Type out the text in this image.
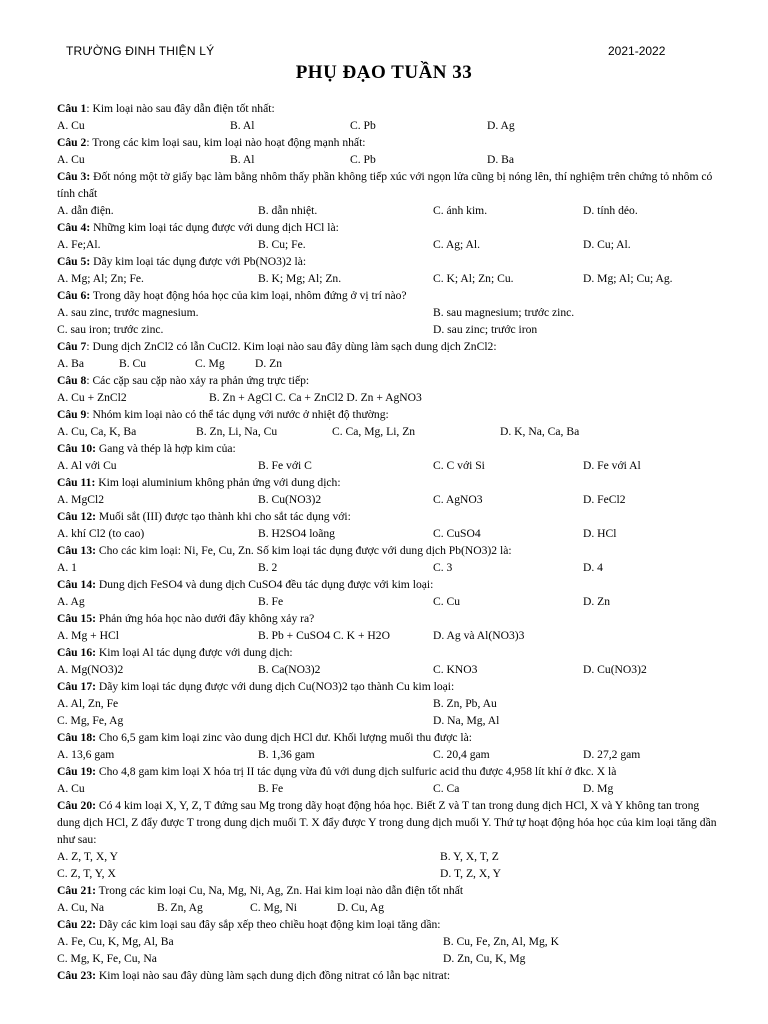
TRƯỜNG ĐINH THIỆN LÝ	2021-2022
PHỤ ĐẠO TUẦN 33
Câu 1: Kim loại nào sau đây dẫn điện tốt nhất:
A. Cu	B. Al	C. Pb	D. Ag
Câu 2: Trong các kim loại sau, kim loại nào hoạt động mạnh nhất:
A. Cu	B. Al	C. Pb	D. Ba
Câu 3: Đốt nóng một tờ giấy bạc làm bằng nhôm thấy phần không tiếp xúc với ngọn lửa cũng bị nóng lên, thí nghiệm trên chứng tỏ nhôm có tính chất
A. dẫn điện.	B. dẫn nhiệt.	C. ánh kim.	D. tính dẻo.
Câu 4: Những kim loại tác dụng được với dung dịch HCl là:
A. Fe;Al.	B. Cu; Fe.	C. Ag; Al.	D. Cu; Al.
Câu 5: Dãy kim loại tác dụng được với Pb(NO3)2 là:
A. Mg; Al; Zn; Fe.	B. K; Mg; Al; Zn.	C. K; Al; Zn; Cu.	D. Mg; Al; Cu; Ag.
Câu 6: Trong dãy hoạt động hóa học của kim loại, nhôm đứng ở vị trí nào?
A. sau zinc, trước magnesium.	B. sau magnesium; trước zinc.
C. sau iron; trước zinc.	D. sau zinc; trước iron
Câu 7: Dung dịch ZnCl2 có lẫn CuCl2. Kim loại nào sau đây dùng làm sạch dung dịch ZnCl2:
A. Ba	B. Cu	C. Mg	D. Zn
Câu 8: Các cặp sau cặp nào xảy ra phản ứng trực tiếp:
A. Cu + ZnCl2	B. Zn + AgCl C. Ca + ZnCl2 D. Zn + AgNO3
Câu 9: Nhóm kim loại nào có thể tác dụng với nước ở nhiệt độ thường:
A. Cu, Ca, K, Ba	B. Zn, Li, Na, Cu	C. Ca, Mg, Li, Zn	D. K, Na, Ca, Ba
Câu 10: Gang và thép là hợp kim của:
A. Al với Cu	B. Fe với C	C. C với Si	D. Fe với Al
Câu 11: Kim loại aluminium không phản ứng với dung dịch:
A. MgCl2	B. Cu(NO3)2	C. AgNO3	D. FeCl2
Câu 12: Muối sắt (III) được tạo thành khi cho sắt tác dụng với:
A. khí Cl2 (to cao)	B. H2SO4 loãng	C. CuSO4	D. HCl
Câu 13: Cho các kim loại: Ni, Fe, Cu, Zn. Số kim loại tác dụng được với dung dịch Pb(NO3)2 là:
A. 1	B. 2	C. 3	D. 4
Câu 14: Dung dịch FeSO4 và dung dịch CuSO4 đều tác dụng được với kim loại:
A. Ag	B. Fe	C. Cu	D. Zn
Câu 15: Phản ứng hóa học nào dưới đây không xảy ra?
A. Mg + HCl	B. Pb + CuSO4 C. K + H2O	D. Ag và Al(NO3)3
Câu 16: Kim loại Al tác dụng được với dung dịch:
A. Mg(NO3)2	B. Ca(NO3)2	C. KNO3	D. Cu(NO3)2
Câu 17: Dãy kim loại tác dụng được với dung dịch Cu(NO3)2 tạo thành Cu kim loại:
A. Al, Zn, Fe	B. Zn, Pb, Au
C. Mg, Fe, Ag	D. Na, Mg, Al
Câu 18: Cho 6,5 gam kim loại zinc vào dung dịch HCl dư. Khối lượng muối thu được là:
A. 13,6 gam	B. 1,36 gam	C. 20,4 gam	D. 27,2 gam
Câu 19: Cho 4,8 gam kim loại X hóa trị II tác dụng vừa đủ với dung dịch sulfuric acid thu được 4,958 lít khí ở đkc. X là
A. Cu	B. Fe	C. Ca	D. Mg
Câu 20: Có 4 kim loại X, Y, Z, T đứng sau Mg trong dãy hoạt động hóa học. Biết Z và T tan trong dung dịch HCl, X và Y không tan trong dung dịch HCl, Z đẩy được T trong dung dịch muối T. X đẩy được Y trong dung dịch muối Y. Thứ tự hoạt động hóa học của kim loại tăng dần như sau:
A. Z, T, X, Y	B. Y, X, T, Z
C. Z, T, Y, X	D. T, Z, X, Y
Câu 21: Trong các kim loại Cu, Na, Mg, Ni, Ag, Zn. Hai kim loại nào dẫn điện tốt nhất
A. Cu, Na	B. Zn, Ag	C. Mg, Ni	D. Cu, Ag
Câu 22: Dãy các kim loại sau đây sắp xếp theo chiều hoạt động kim loại tăng dần:
A. Fe, Cu, K, Mg, Al, Ba	B. Cu, Fe, Zn, Al, Mg, K
C. Mg, K, Fe, Cu, Na	D. Zn, Cu, K, Mg
Câu 23: Kim loại nào sau đây dùng làm sạch dung dịch đồng nitrat có lẫn bạc nitrat:
